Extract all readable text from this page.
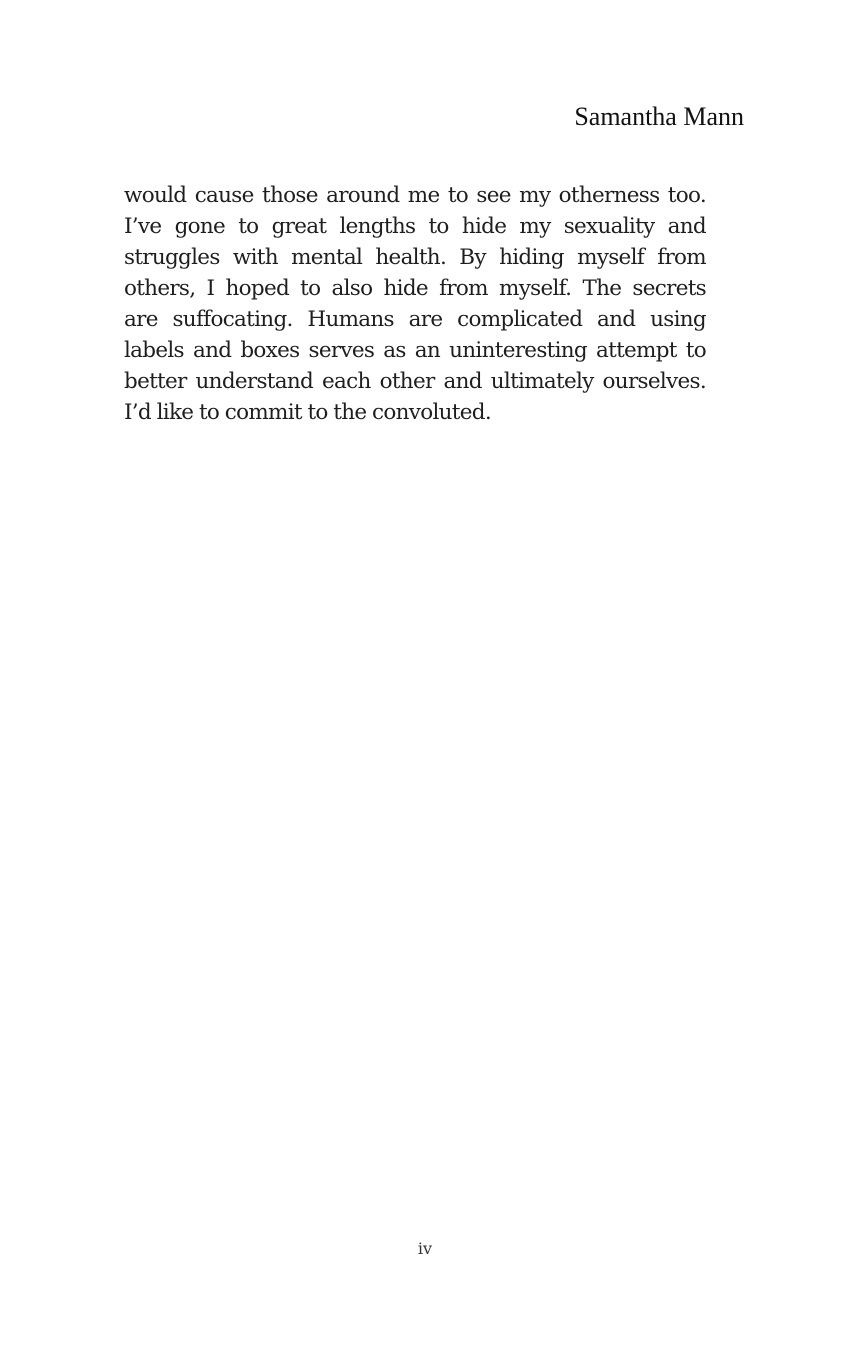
Samantha Mann
would cause those around me to see my otherness too.
I’ve gone to great lengths to hide my sexuality and
struggles with mental health. By hiding myself from
others, I hoped to also hide from myself. The secrets
are suffocating. Humans are complicated and using
labels and boxes serves as an uninteresting attempt to
better understand each other and ultimately ourselves.
I’d like to commit to the convoluted.
iv
